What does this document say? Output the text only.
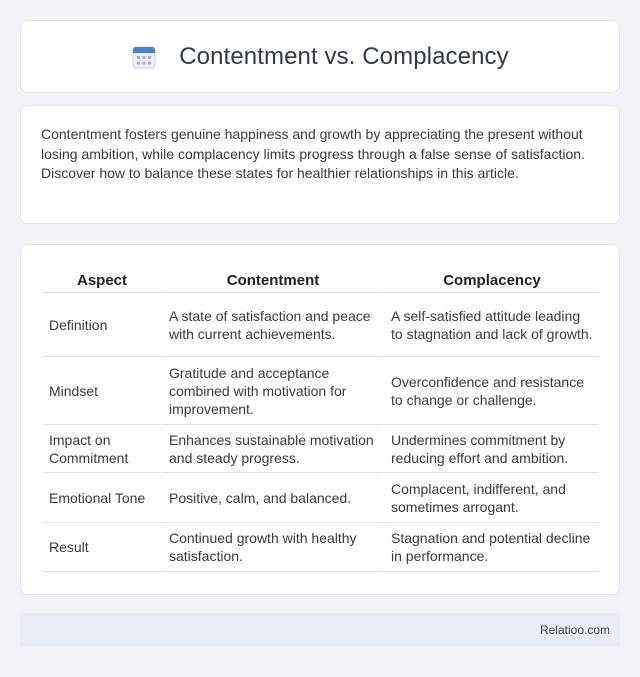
Contentment vs. Complacency

Contentment fosters genuine happiness and growth by appreciating the present without losing ambition, while complacency limits progress through a false sense of satisfaction. Discover how to balance these states for healthier relationships in this article.

Aspect	Contentment	Complacency
Definition	A state of satisfaction and peace with current achievements.	A self-satisfied attitude leading to stagnation and lack of growth.
Mindset	Gratitude and acceptance combined with motivation for improvement.	Overconfidence and resistance to change or challenge.
Impact on Commitment	Enhances sustainable motivation and steady progress.	Undermines commitment by reducing effort and ambition.
Emotional Tone	Positive, calm, and balanced.	Complacent, indifferent, and sometimes arrogant.
Result	Continued growth with healthy satisfaction.	Stagnation and potential decline in performance.
Relatioo.com
